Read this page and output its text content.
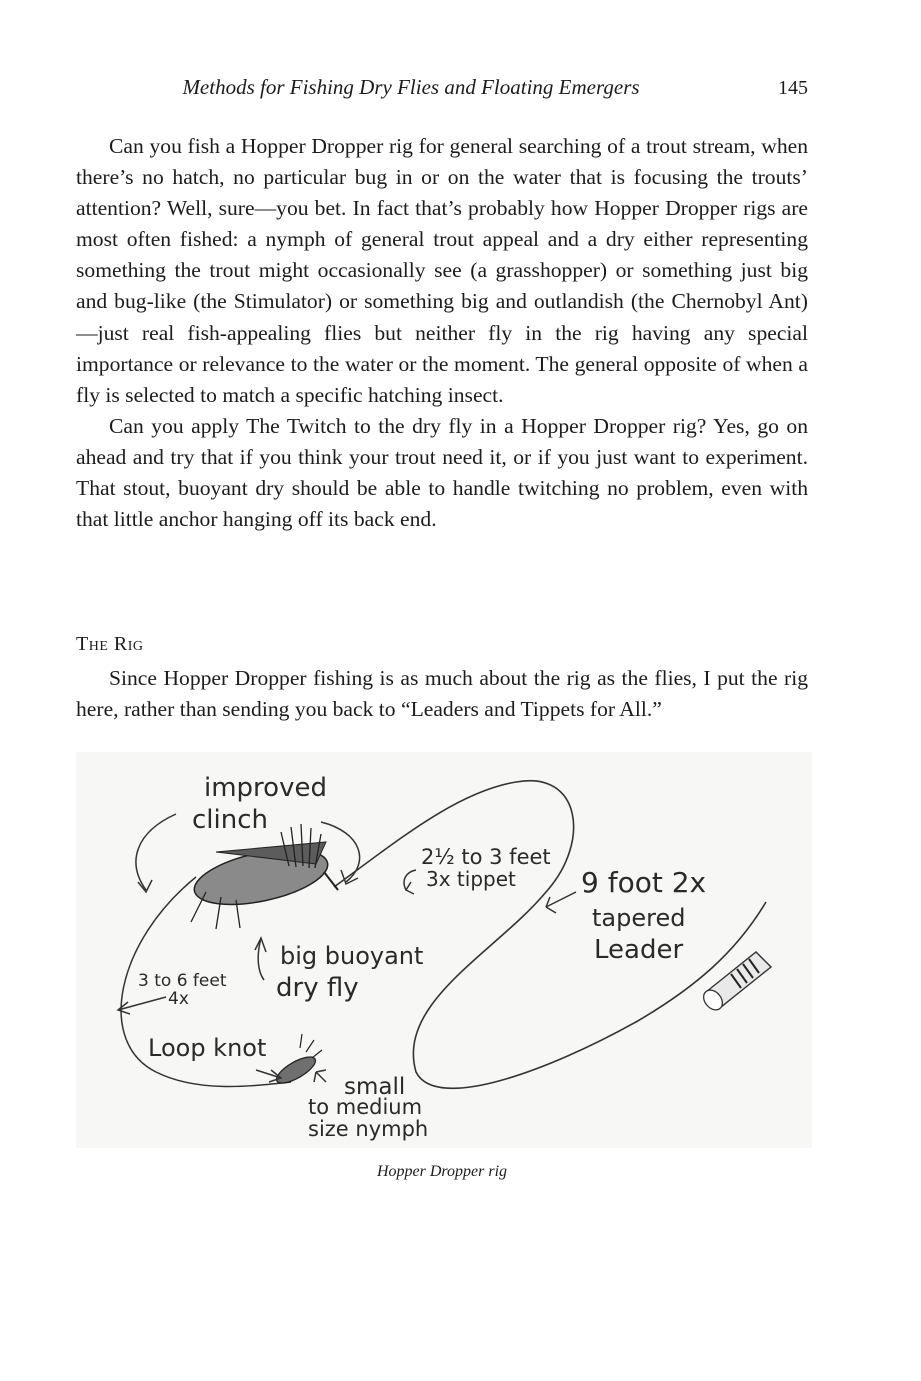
Methods for Fishing Dry Flies and Floating Emergers	145

Can you fish a Hopper Dropper rig for general searching of a trout stream, when there’s no hatch, no particular bug in or on the water that is focusing the trouts’ attention? Well, sure—you bet. In fact that’s probably how Hopper Dropper rigs are most often fished: a nymph of general trout appeal and a dry either representing something the trout might occasionally see (a grasshopper) or something just big and bug-like (the Stimulator) or something big and outlandish (the Chernobyl Ant)—just real fish-appealing flies but neither fly in the rig having any special importance or relevance to the water or the moment. The general opposite of when a fly is selected to match a specific hatching insect.

Can you apply The Twitch to the dry fly in a Hopper Dropper rig? Yes, go on ahead and try that if you think your trout need it, or if you just want to experiment. That stout, buoyant dry should be able to handle twitching no problem, even with that little anchor hanging off its back end.

The Rig

Since Hopper Dropper fishing is as much about the rig as the flies, I put the rig here, rather than sending you back to “Leaders and Tippets for All.”

improved
clinch
2½ to 3 feet
3x tippet 9 foot 2x
tapered
Leader
big buoyant
dry fly
3 to 6 feet
4x
Loop knot
small
to medium
size nymph
Hopper Dropper rig
